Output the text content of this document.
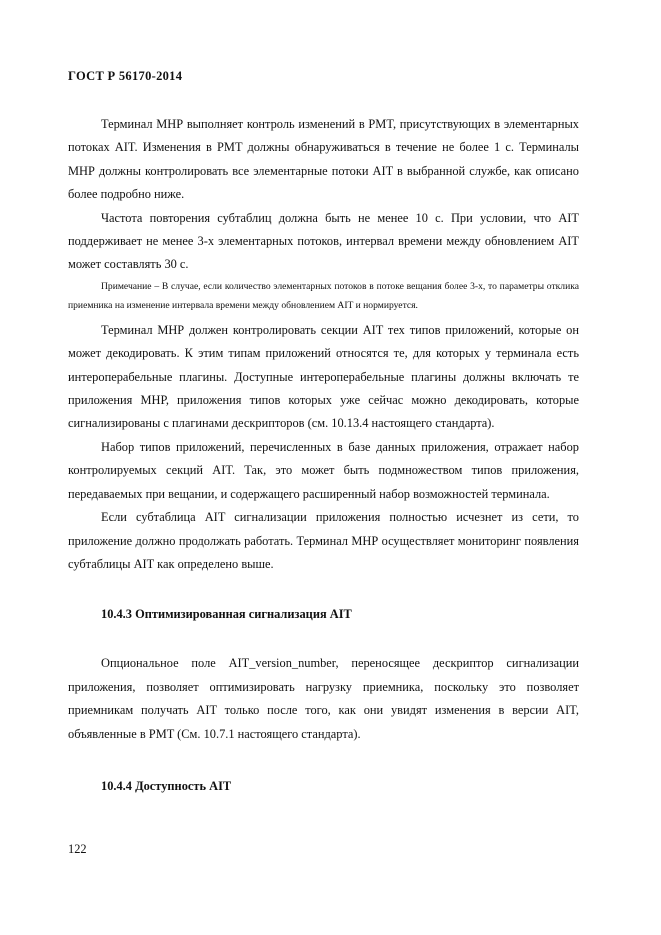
ГОСТ Р 56170-2014

Терминал МНР выполняет контроль изменений в PMT, присутствующих в элементарных потоках AIT. Изменения в PMT должны обнаруживаться в течение не более 1 с. Терминалы МНР должны контролировать все элементарные потоки AIT в выбранной службе, как описано более подробно ниже.

Частота повторения субтаблиц должна быть не менее 10 с. При условии, что AIT поддерживает не менее 3-х элементарных потоков, интервал времени между обновлением AIT может составлять 30 с.

Примечание – В случае, если количество элементарных потоков в потоке вещания более 3-х, то параметры отклика приемника на изменение интервала времени между обновлением AIT и нормируется.

Терминал МНР должен контролировать секции AIT тех типов приложений, которые он может декодировать. К этим типам приложений относятся те, для которых у терминала есть интероперабельные плагины. Доступные интероперабельные плагины должны включать те приложения МНР, приложения типов которых уже сейчас можно декодировать, которые сигнализированы с плагинами дескрипторов (см. 10.13.4 настоящего стандарта).

Набор типов приложений, перечисленных в базе данных приложения, отражает набор контролируемых секций AIT. Так, это может быть подмножеством типов приложения, передаваемых при вещании, и содержащего расширенный набор возможностей терминала.

Если субтаблица AIT сигнализации приложения полностью исчезнет из сети, то приложение должно продолжать работать. Терминал МНР осуществляет мониторинг появления субтаблицы AIT как определено выше.

10.4.3 Оптимизированная сигнализация AIT

Опциональное поле AIT_version_number, переносящее дескриптор сигнализации приложения, позволяет оптимизировать нагрузку приемника, поскольку это позволяет приемникам получать AIT только после того, как они увидят изменения в версии AIT, объявленные в PMT (См. 10.7.1 настоящего стандарта).

10.4.4 Доступность AIT

122
